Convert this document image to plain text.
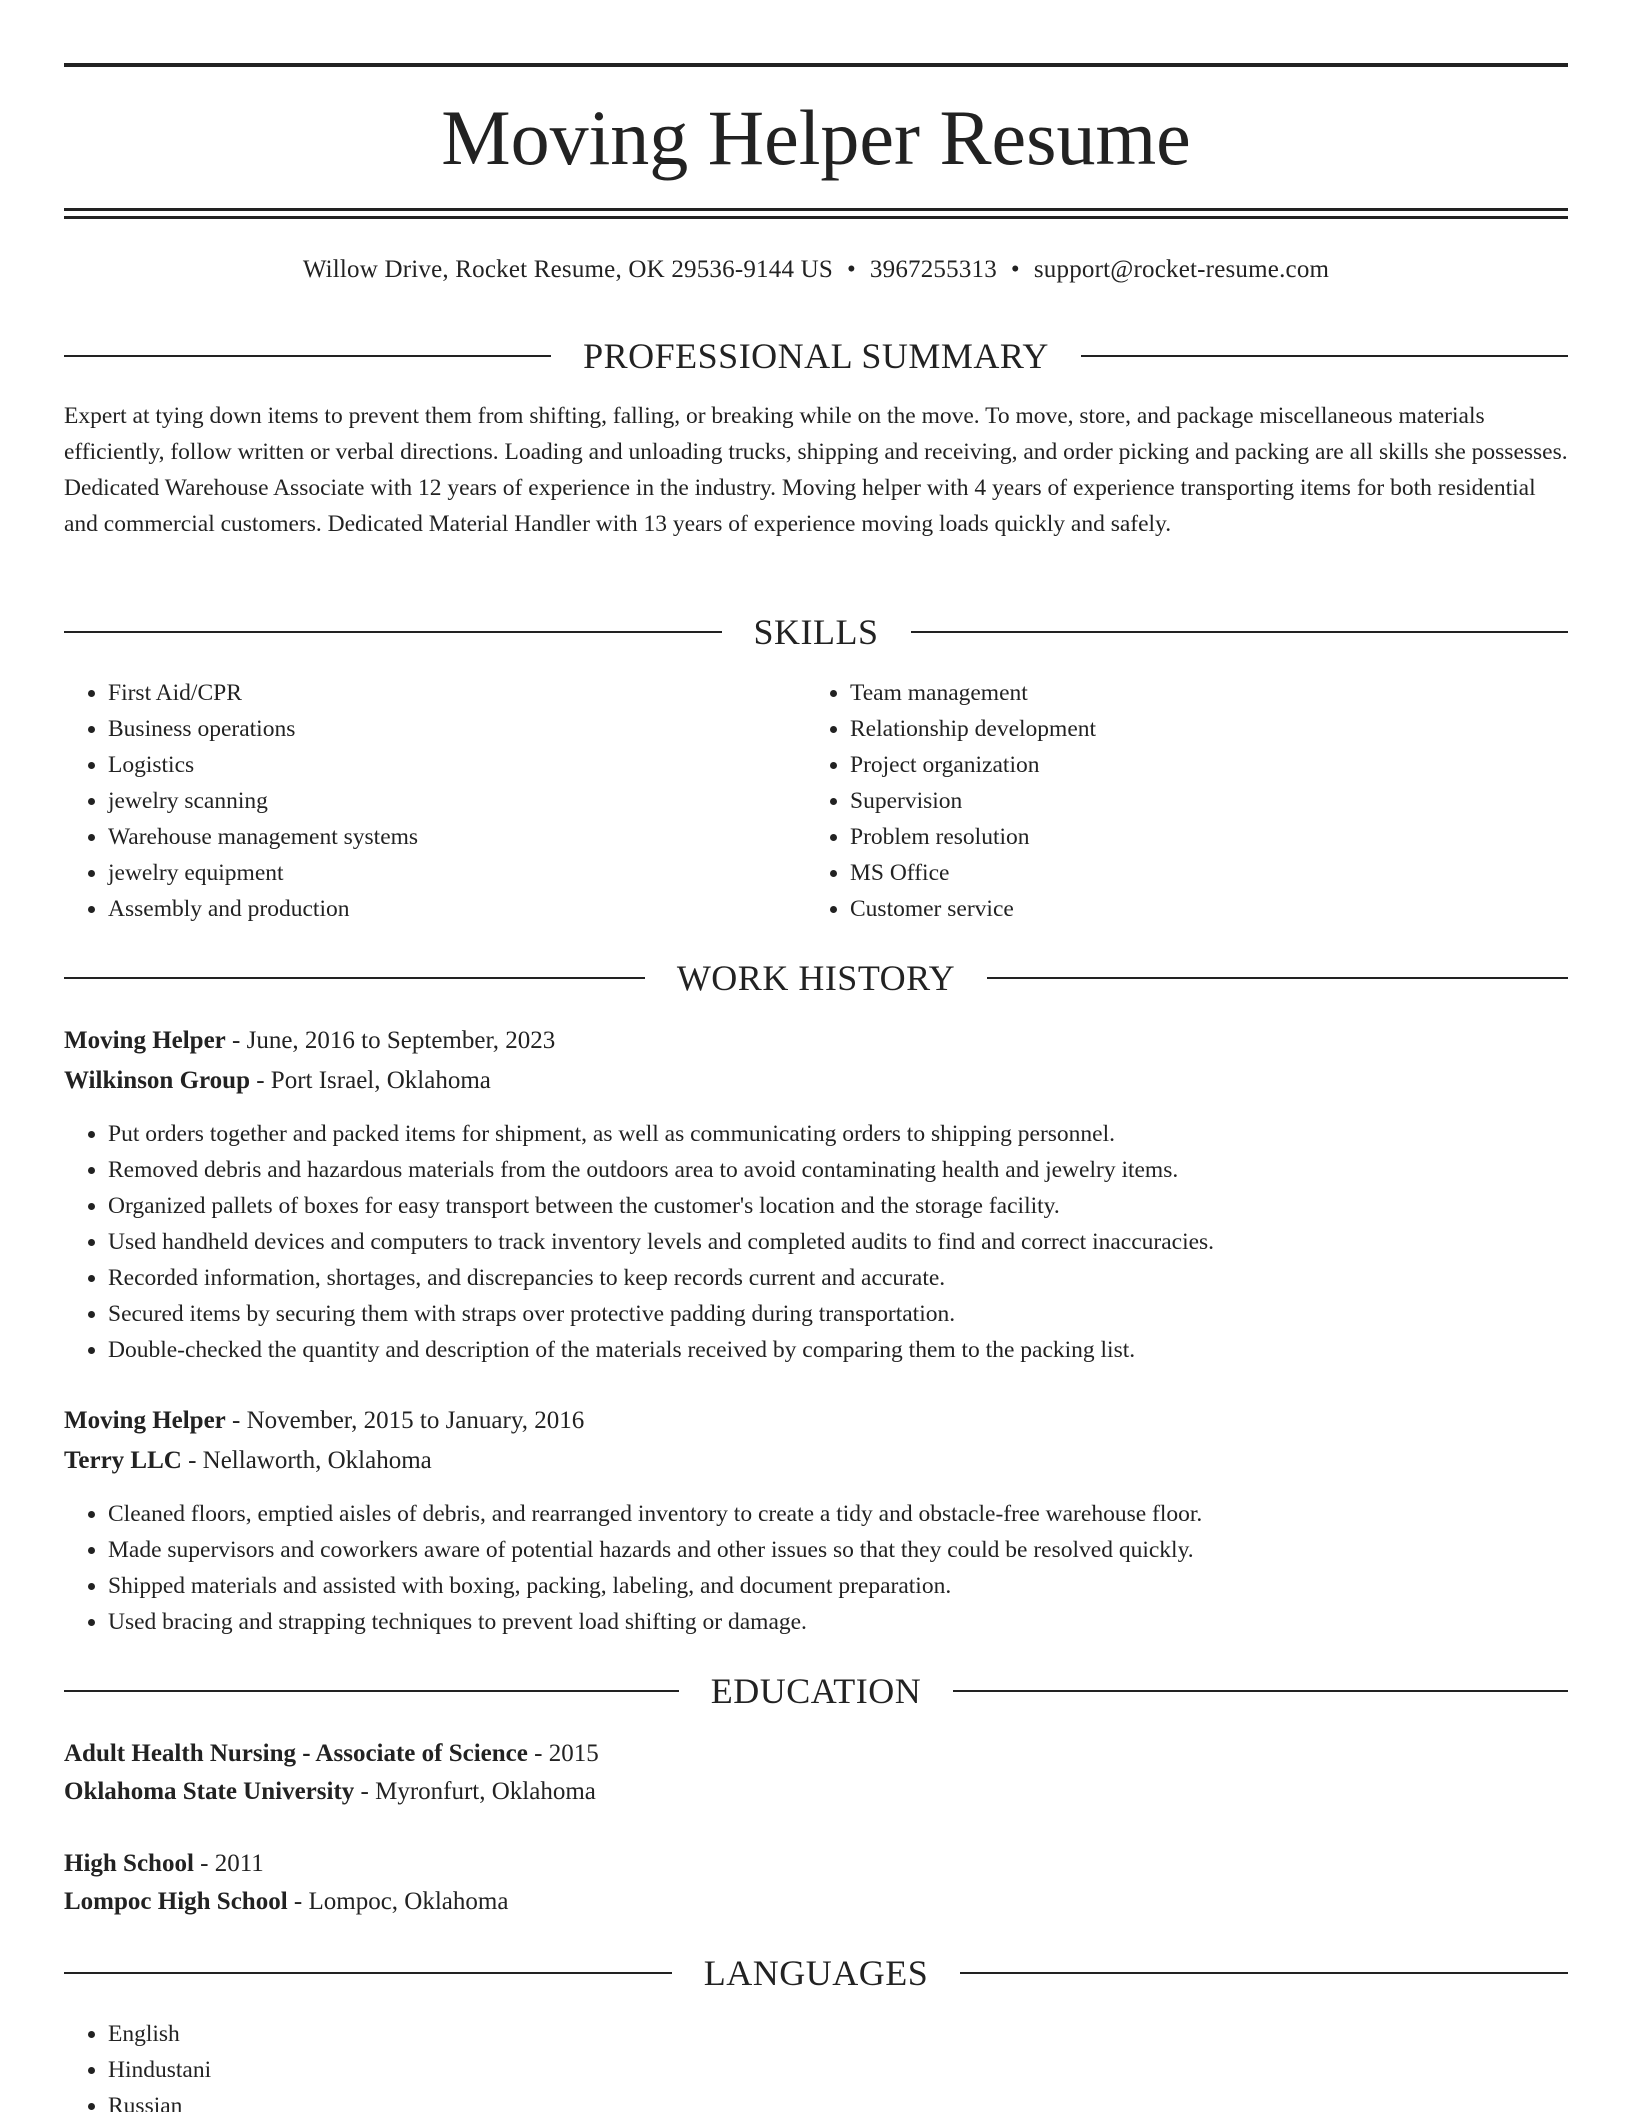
Moving Helper Resume
Willow Drive, Rocket Resume, OK 29536-9144 US • 3967255313 • support@rocket-resume.com
PROFESSIONAL SUMMARY

Expert at tying down items to prevent them from shifting, falling, or breaking while on the move. To move, store, and package miscellaneous materials efficiently, follow written or verbal directions. Loading and unloading trucks, shipping and receiving, and order picking and packing are all skills she possesses. Dedicated Warehouse Associate with 12 years of experience in the industry. Moving helper with 4 years of experience transporting items for both residential and commercial customers. Dedicated Material Handler with 13 years of experience moving loads quickly and safely.

SKILLS
• First Aid/CPR
• Business operations
• Logistics
• jewelry scanning
• Warehouse management systems
• jewelry equipment
• Assembly and production
• Team management
• Relationship development
• Project organization
• Supervision
• Problem resolution
• MS Office
• Customer service
WORK HISTORY
Moving Helper - June, 2016 to September, 2023
Wilkinson Group - Port Israel, Oklahoma
• Put orders together and packed items for shipment, as well as communicating orders to shipping personnel.
• Removed debris and hazardous materials from the outdoors area to avoid contaminating health and jewelry items.
• Organized pallets of boxes for easy transport between the customer's location and the storage facility.
• Used handheld devices and computers to track inventory levels and completed audits to find and correct inaccuracies.
• Recorded information, shortages, and discrepancies to keep records current and accurate.
• Secured items by securing them with straps over protective padding during transportation.
• Double-checked the quantity and description of the materials received by comparing them to the packing list.
Moving Helper - November, 2015 to January, 2016
Terry LLC - Nellaworth, Oklahoma
• Cleaned floors, emptied aisles of debris, and rearranged inventory to create a tidy and obstacle-free warehouse floor.
• Made supervisors and coworkers aware of potential hazards and other issues so that they could be resolved quickly.
• Shipped materials and assisted with boxing, packing, labeling, and document preparation.
• Used bracing and strapping techniques to prevent load shifting or damage.
EDUCATION
Adult Health Nursing - Associate of Science - 2015
Oklahoma State University - Myronfurt, Oklahoma
High School - 2011
Lompoc High School - Lompoc, Oklahoma
LANGUAGES
• English
• Hindustani
• Russian
